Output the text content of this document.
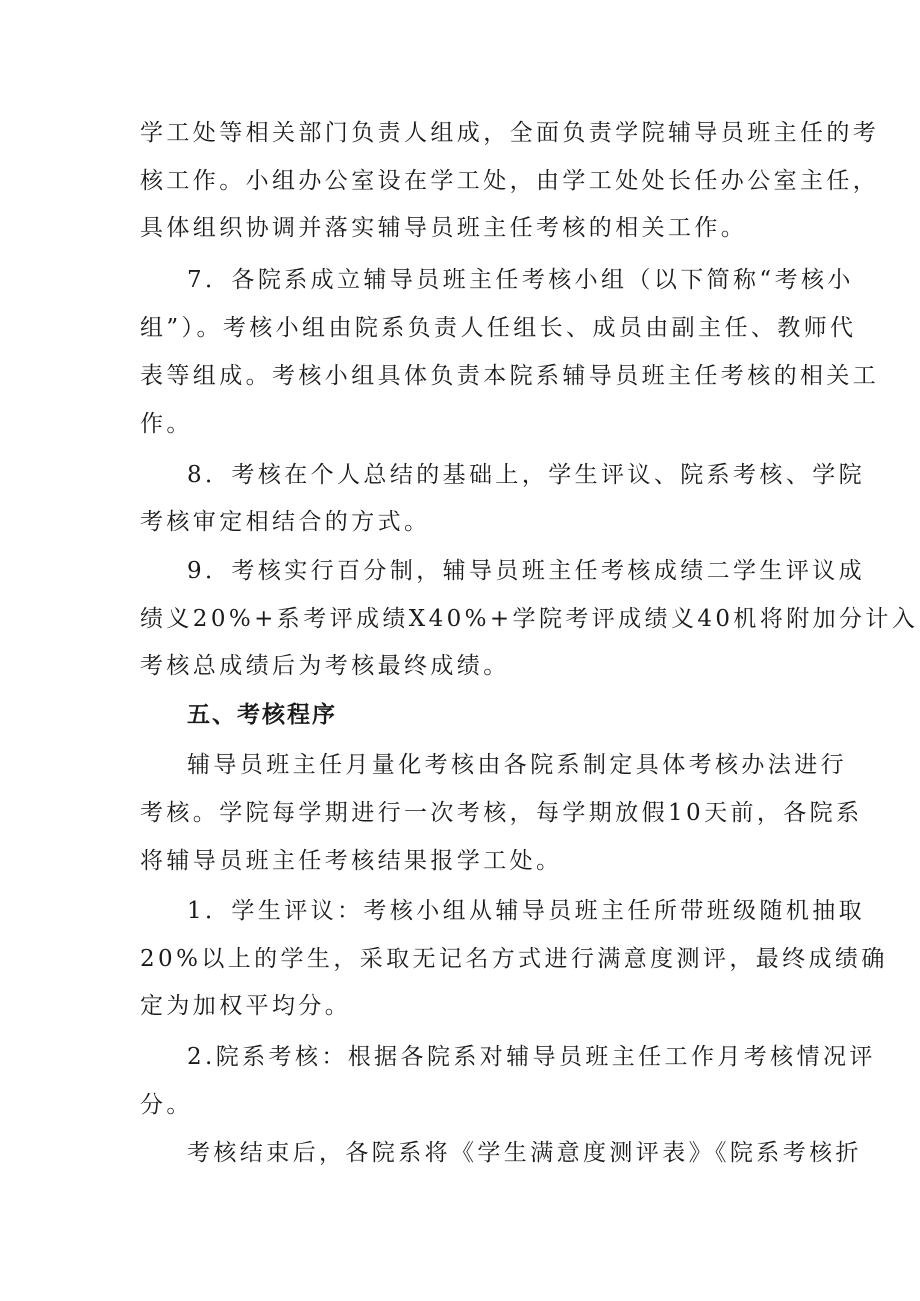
学工处等相关部门负责人组成，全面负责学院辅导员班主任的考
核工作。小组办公室设在学工处，由学工处处长任办公室主任，
具体组织协调并落实辅导员班主任考核的相关工作。
7．各院系成立辅导员班主任考核小组（以下简称“考核小
组”）。考核小组由院系负责人任组长、成员由副主任、教师代
表等组成。考核小组具体负责本院系辅导员班主任考核的相关工
作。
8．考核在个人总结的基础上，学生评议、院系考核、学院
考核审定相结合的方式。
9．考核实行百分制，辅导员班主任考核成绩二学生评议成
绩义20%+系考评成绩X40%+学院考评成绩义40机将附加分计入
考核总成绩后为考核最终成绩。
五、考核程序
辅导员班主任月量化考核由各院系制定具体考核办法进行
考核。学院每学期进行一次考核，每学期放假10天前，各院系
将辅导员班主任考核结果报学工处。
1．学生评议：考核小组从辅导员班主任所带班级随机抽取
20%以上的学生，采取无记名方式进行满意度测评，最终成绩确
定为加权平均分。
2.院系考核：根据各院系对辅导员班主任工作月考核情况评
分。
考核结束后，各院系将《学生满意度测评表》《院系考核折
